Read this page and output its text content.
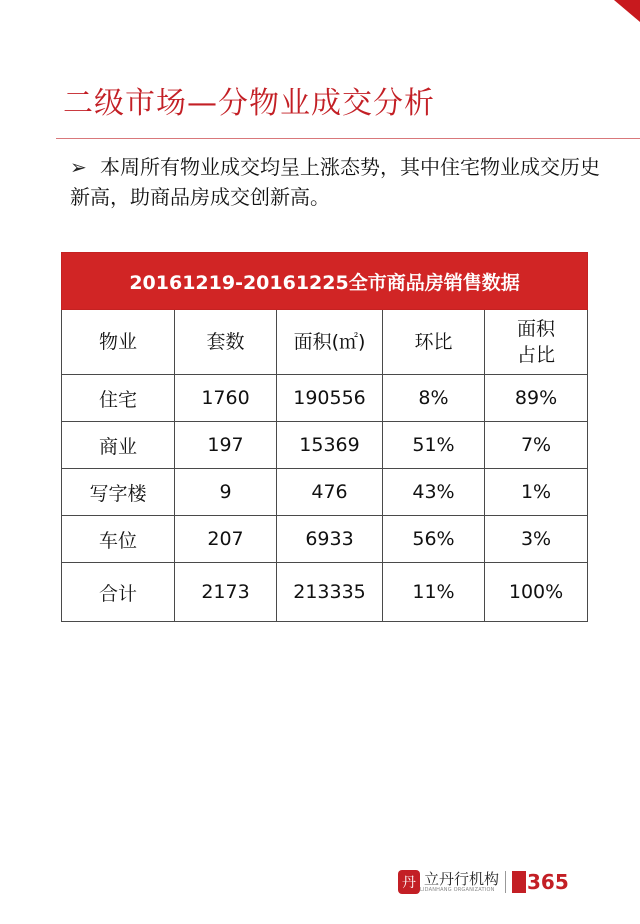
二级市场—分物业成交分析
➢ 本周所有物业成交均呈上涨态势，其中住宅物业成交历史新高，助商品房成交创新高。
20161219-20161225全市商品房销售数据				
物业	套数	面积(㎡)	环比	面积
占比
住宅	1760	190556	8%	89%
商业	197	15369	51%	7%
写字楼	9	476	43%	1%
车位	207	6933	56%	3%
合计	2173	213335	11%	100%
丹 立丹行机构
LIDANHANG ORGANIZATION 365
